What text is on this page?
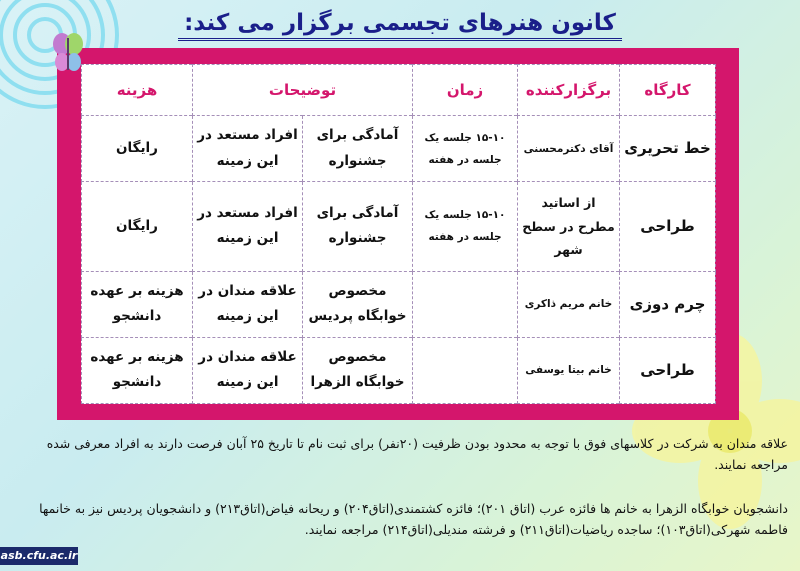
کانون هنرهای تجسمی برگزار می کند:
کارگاه	برگزارکننده	زمان	توضیحات		هزینه
خط تحریری	آقای دکترمحسنی	۱۵-۱۰ جلسه یک جلسه در هفته	آمادگی برای جشنواره	افراد مستعد در این زمینه	رایگان
طراحی	از اساتید مطرح در سطح شهر	۱۵-۱۰ جلسه یک جلسه در هفته	آمادگی برای جشنواره	افراد مستعد در این زمینه	رایگان
چرم دوزی	خانم مریم ذاکری		مخصوص خوابگاه پردیس	علاقه مندان در این زمینه	هزینه بر عهده دانشجو
طراحی	خانم بیتا یوسفی		مخصوص خوابگاه الزهرا	علاقه مندان در این زمینه	هزینه بر عهده دانشجو
علاقه مندان به شرکت در کلاسهای فوق با توجه به محدود بودن ظرفیت (۲۰نفر) برای ثبت نام تا تاریخ ۲۵ آبان فرصت دارند به افراد معرفی شده مراجعه نمایند.
دانشجویان خوابگاه الزهرا به خانم ها فائزه عرب (اتاق ۲۰۱)؛ فائزه کشتمندی(اتاق۲۰۴) و ریحانه فیاض(اتاق۲۱۳) و دانشجویان پردیس نیز به خانمها فاطمه شهرکی(اتاق۱۰۳)؛ ساجده ریاضیات(اتاق۲۱۱) و فرشته مندیلی(اتاق۲۱۴) مراجعه نمایند.
asb.cfu.ac.ir
